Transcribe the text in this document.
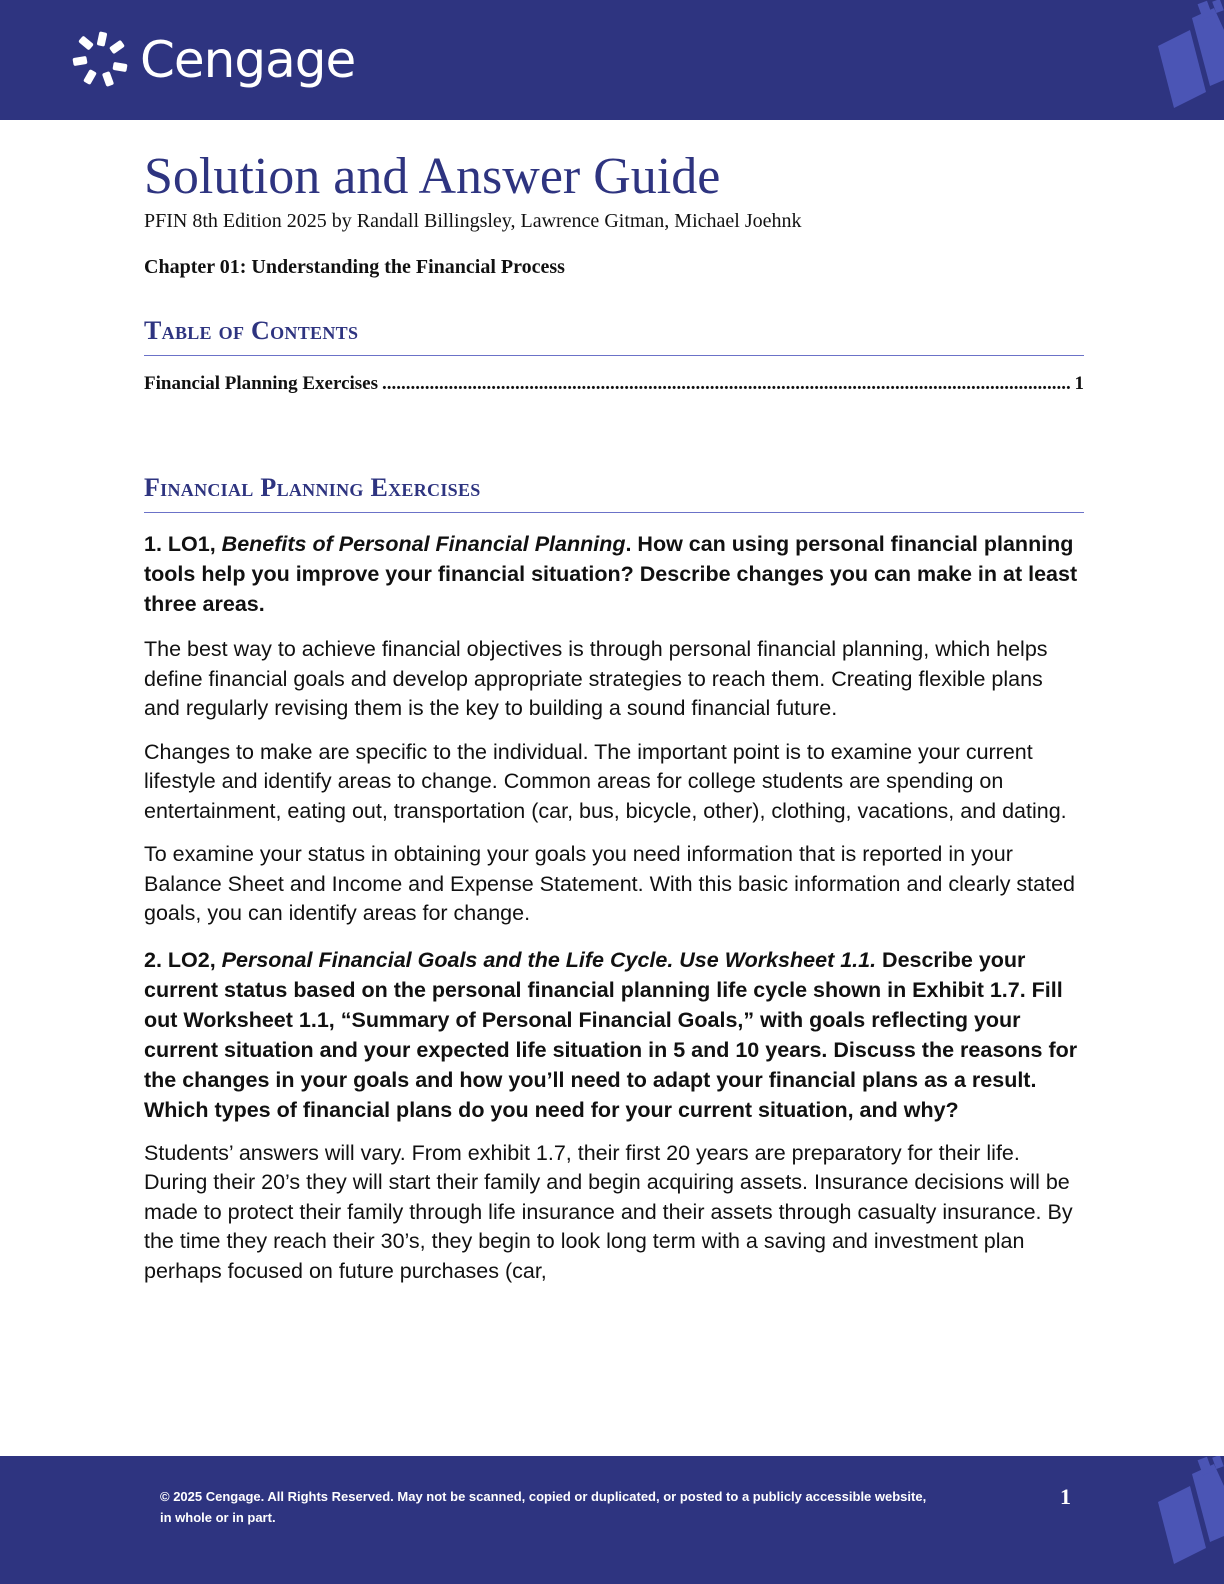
Cengage
Solution and Answer Guide
PFIN 8th Edition 2025 by Randall Billingsley, Lawrence Gitman, Michael Joehnk
Chapter 01: Understanding the Financial Process
Table of Contents
Financial Planning Exercises
.....	1
Financial Planning Exercises
1. LO1, Benefits of Personal Financial Planning. How can using personal financial planning tools help you improve your financial situation? Describe changes you can make in at least three areas.

The best way to achieve financial objectives is through personal financial planning, which helps define financial goals and develop appropriate strategies to reach them. Creating flexible plans and regularly revising them is the key to building a sound financial future.

Changes to make are specific to the individual. The important point is to examine your current lifestyle and identify areas to change. Common areas for college students are spending on entertainment, eating out, transportation (car, bus, bicycle, other), clothing, vacations, and dating.

To examine your status in obtaining your goals you need information that is reported in your Balance Sheet and Income and Expense Statement. With this basic information and clearly stated goals, you can identify areas for change.

2. LO2, Personal Financial Goals and the Life Cycle. Use Worksheet 1.1. Describe your current status based on the personal financial planning life cycle shown in Exhibit 1.7. Fill out Worksheet 1.1, “Summary of Personal Financial Goals,” with goals reflecting your current situation and your expected life situation in 5 and 10 years. Discuss the reasons for the changes in your goals and how you’ll need to adapt your financial plans as a result. Which types of financial plans do you need for your current situation, and why?

Students’ answers will vary. From exhibit 1.7, their first 20 years are preparatory for their life. During their 20’s they will start their family and begin acquiring assets. Insurance decisions will be made to protect their family through life insurance and their assets through casualty insurance. By the time they reach their 30’s, they begin to look long term with a saving and investment plan perhaps focused on future purchases (car,

© 2025 Cengage. All Rights Reserved. May not be scanned, copied or duplicated, or posted to a publicly accessible website, in whole or in part.
1
